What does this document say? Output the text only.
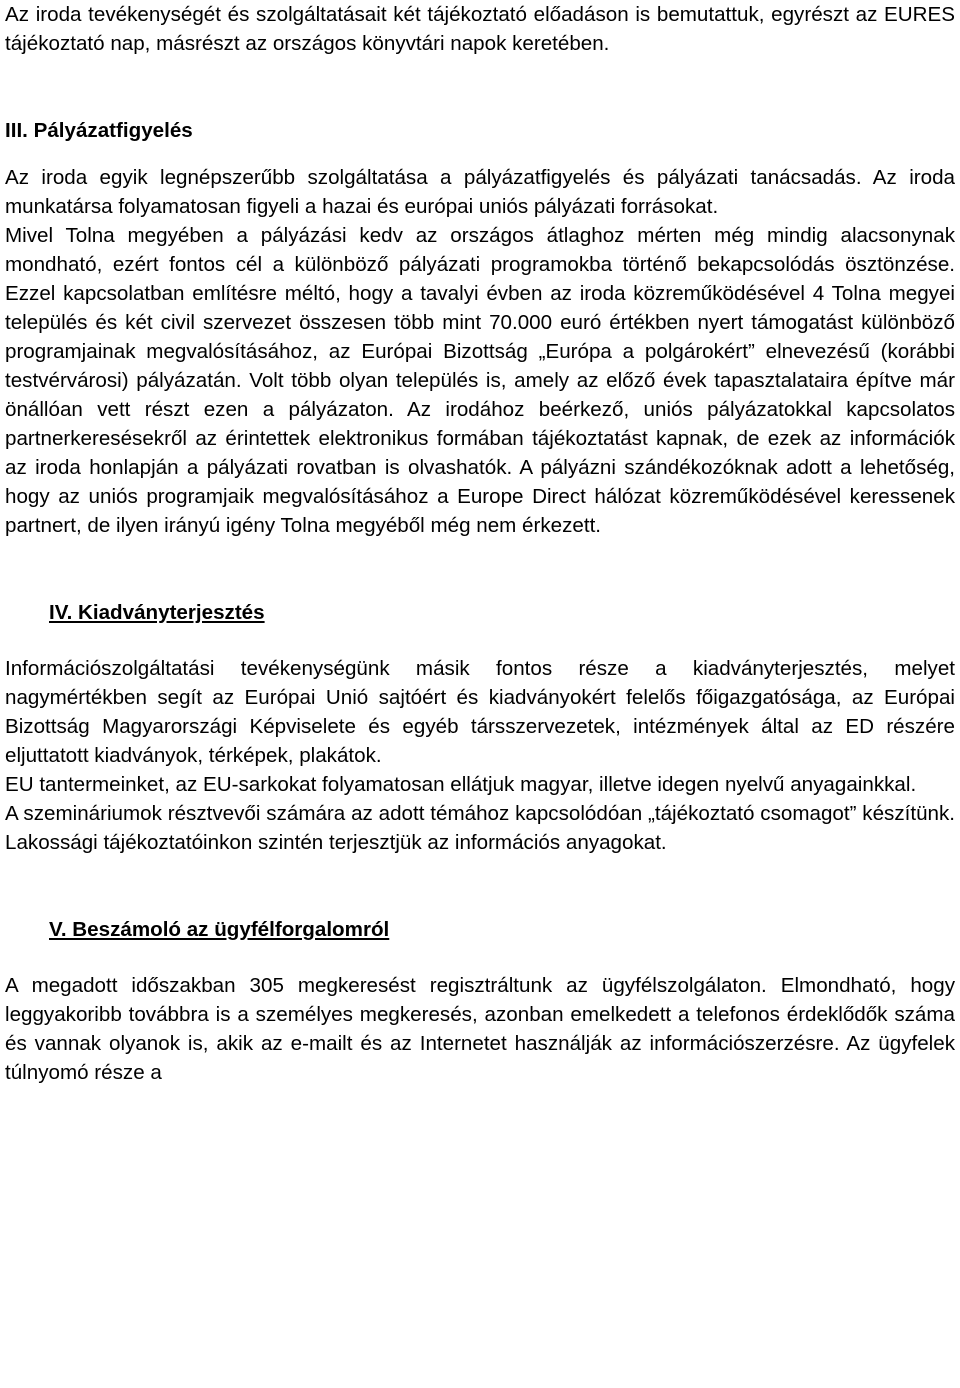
Az iroda tevékenységét és szolgáltatásait két tájékoztató előadáson is bemutattuk, egyrészt az EURES tájékoztató nap, másrészt az országos könyvtári napok keretében.

III. Pályázatfigyelés

Az iroda egyik legnépszerűbb szolgáltatása a pályázatfigyelés és pályázati tanácsadás. Az iroda munkatársa folyamatosan figyeli a hazai és európai uniós pályázati forrásokat.

Mivel Tolna megyében a pályázási kedv az országos átlaghoz mérten még mindig alacsonynak mondható, ezért fontos cél a különböző pályázati programokba történő bekapcsolódás ösztönzése. Ezzel kapcsolatban említésre méltó, hogy a tavalyi évben az iroda közreműködésével 4 Tolna megyei település és két civil szervezet összesen több mint 70.000 euró értékben nyert támogatást különböző programjainak megvalósításához, az Európai Bizottság „Európa a polgárokért” elnevezésű (korábbi testvérvárosi) pályázatán. Volt több olyan település is, amely az előző évek tapasztalataira építve már önállóan vett részt ezen a pályázaton. Az irodához beérkező, uniós pályázatokkal kapcsolatos partnerkeresésekről az érintettek elektronikus formában tájékoztatást kapnak, de ezek az információk az iroda honlapján a pályázati rovatban is olvashatók. A pályázni szándékozóknak adott a lehetőség, hogy az uniós programjaik megvalósításához a Europe Direct hálózat közreműködésével keressenek partnert, de ilyen irányú igény Tolna megyéből még nem érkezett.

IV. Kiadványterjesztés

Információszolgáltatási tevékenységünk másik fontos része a kiadványterjesztés, melyet nagymértékben segít az Európai Unió sajtóért és kiadványokért felelős főigazgatósága, az Európai Bizottság Magyarországi Képviselete és egyéb társszervezetek, intézmények által az ED részére eljuttatott kiadványok, térképek, plakátok.

EU tantermeinket, az EU-sarkokat folyamatosan ellátjuk magyar, illetve idegen nyelvű anyagainkkal.

A szemináriumok résztvevői számára az adott témához kapcsolódóan „tájékoztató csomagot” készítünk. Lakossági tájékoztatóinkon szintén terjesztjük az információs anyagokat.

V. Beszámoló az ügyfélforgalomról

A megadott időszakban 305 megkeresést regisztráltunk az ügyfélszolgálaton. Elmondható, hogy leggyakoribb továbbra is a személyes megkeresés, azonban emelkedett a telefonos érdeklődők száma és vannak olyanok is, akik az e-mailt és az Internetet használják az információszerzésre. Az ügyfelek túlnyomó része a
